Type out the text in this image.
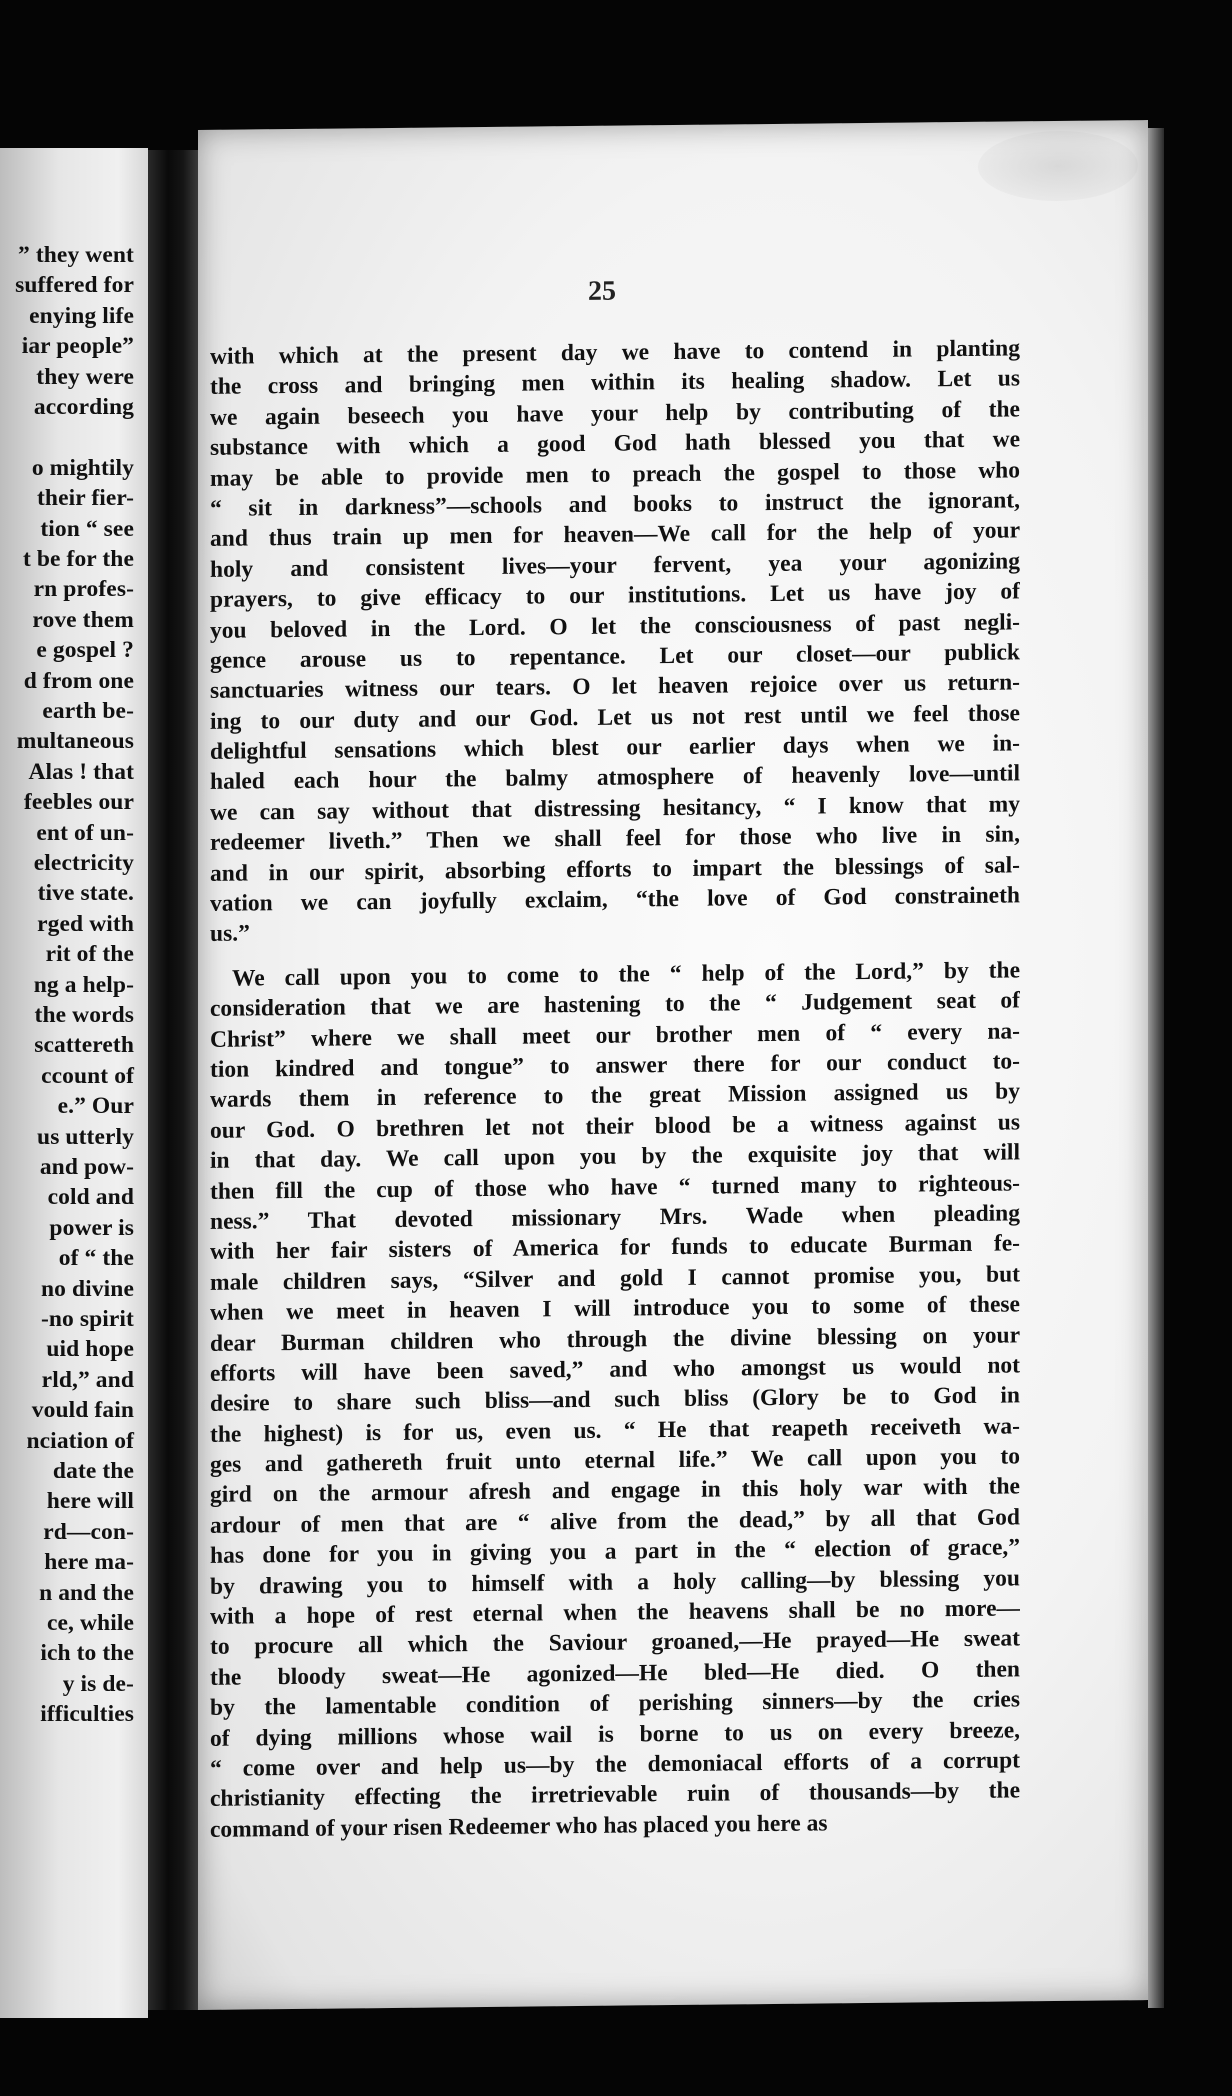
” they went
suffered for
enying life
iar people”
they were
according
o mightily
their fier-
tion “ see
t be for the
rn profes-
rove them
e gospel ?
d from one
earth be-
multaneous
Alas ! that
feebles our
ent of un-
electricity
tive state.
rged with
rit of the
ng a help-
the words
scattereth
ccount of
e.” Our
us utterly
and pow-
cold and
power is
of “ the
no divine
-no spirit
uid hope
rld,” and
vould fain
nciation of
date the
here will
rd—con-
here ma-
n and the
ce, while
ich to the
y is de-
ifficulties
25
with which at the present day we have to contend in planting
the cross and bringing men within its healing shadow. Let us
we again beseech you have your help by contributing of the
substance with which a good God hath blessed you that we
may be able to provide men to preach the gospel to those who
“ sit in darkness”—schools and books to instruct the ignorant,
and thus train up men for heaven—We call for the help of your
holy and consistent lives—your fervent, yea your agonizing
prayers, to give efficacy to our institutions. Let us have joy of
you beloved in the Lord. O let the consciousness of past negli-
gence arouse us to repentance. Let our closet—our publick
sanctuaries witness our tears. O let heaven rejoice over us return-
ing to our duty and our God. Let us not rest until we feel those
delightful sensations which blest our earlier days when we in-
haled each hour the balmy atmosphere of heavenly love—until
we can say without that distressing hesitancy, “ I know that my
redeemer liveth.” Then we shall feel for those who live in sin,
and in our spirit, absorbing efforts to impart the blessings of sal-
vation we can joyfully exclaim, “the love of God constraineth
us.”
We call upon you to come to the “ help of the Lord,” by the
consideration that we are hastening to the “ Judgement seat of
Christ” where we shall meet our brother men of “ every na-
tion kindred and tongue” to answer there for our conduct to-
wards them in reference to the great Mission assigned us by
our God. O brethren let not their blood be a witness against us
in that day. We call upon you by the exquisite joy that will
then fill the cup of those who have “ turned many to righteous-
ness.” That devoted missionary Mrs. Wade when pleading
with her fair sisters of America for funds to educate Burman fe-
male children says, “Silver and gold I cannot promise you, but
when we meet in heaven I will introduce you to some of these
dear Burman children who through the divine blessing on your
efforts will have been saved,” and who amongst us would not
desire to share such bliss—and such bliss (Glory be to God in
the highest) is for us, even us. “ He that reapeth receiveth wa-
ges and gathereth fruit unto eternal life.” We call upon you to
gird on the armour afresh and engage in this holy war with the
ardour of men that are “ alive from the dead,” by all that God
has done for you in giving you a part in the “ election of grace,”
by drawing you to himself with a holy calling—by blessing you
with a hope of rest eternal when the heavens shall be no more—
to procure all which the Saviour groaned,—He prayed—He sweat
the bloody sweat—He agonized—He bled—He died. O then
by the lamentable condition of perishing sinners—by the cries
of dying millions whose wail is borne to us on every breeze,
“ come over and help us—by the demoniacal efforts of a corrupt
christianity effecting the irretrievable ruin of thousands—by the
command of your risen Redeemer who has placed you here as
